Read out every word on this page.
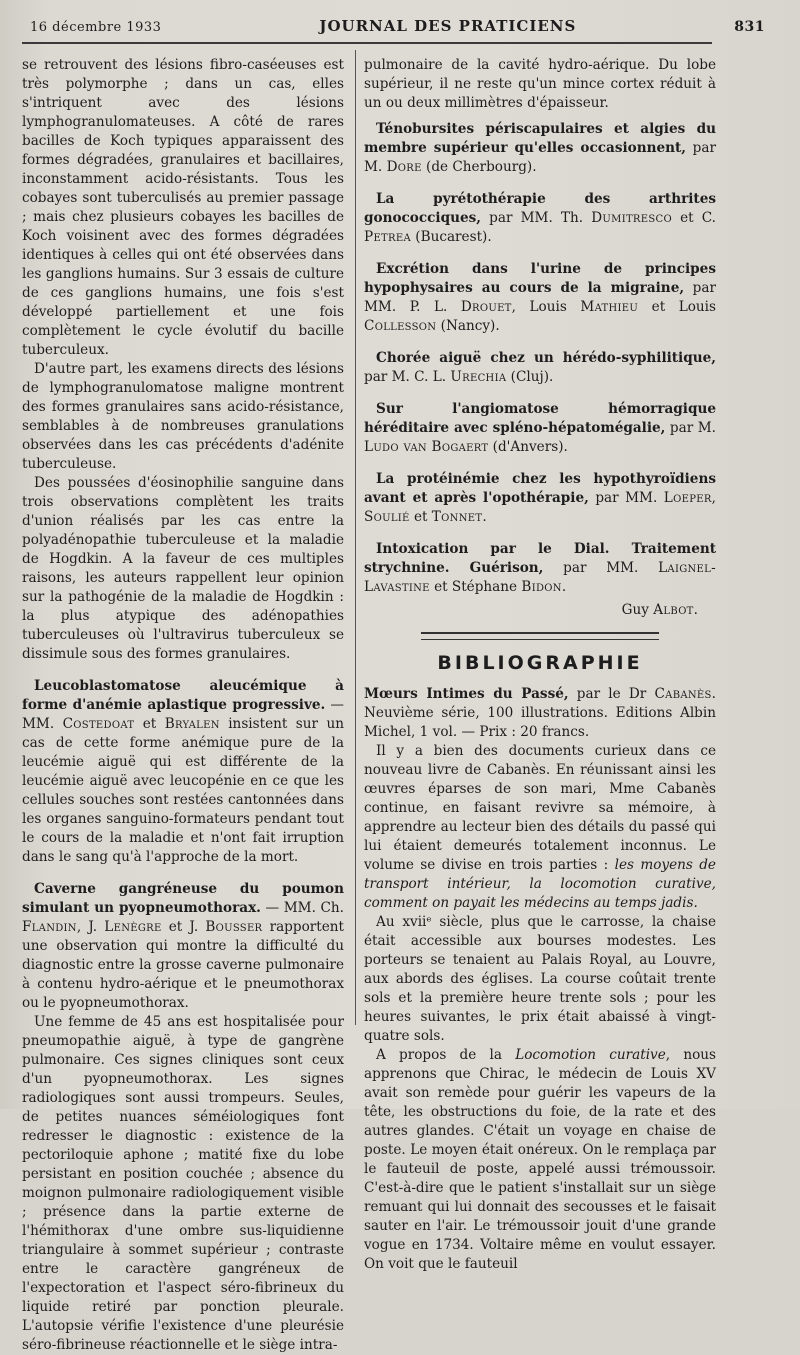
16 décembre 1933	JOURNAL DES PRATICIENS	831

se retrouvent des lésions fibro-caséeuses est très polymorphe ; dans un cas, elles s'intriquent avec des lésions lymphogranulomateuses. A côté de rares bacilles de Koch typiques apparaissent des formes dégradées, granulaires et bacillaires, inconstamment acido-résistants. Tous les cobayes sont tuberculisés au premier passage ; mais chez plusieurs cobayes les bacilles de Koch voisinent avec des formes dégradées identiques à celles qui ont été observées dans les ganglions humains. Sur 3 essais de culture de ces ganglions humains, une fois s'est développé partiellement et une fois complètement le cycle évolutif du bacille tuberculeux.

D'autre part, les examens directs des lésions de lymphogranulomatose maligne montrent des formes granulaires sans acido-résistance, semblables à de nombreuses granulations observées dans les cas précédents d'adénite tuberculeuse.

Des poussées d'éosinophilie sanguine dans trois observations complètent les traits d'union réalisés par les cas entre la polyadénopathie tuberculeuse et la maladie de Hogdkin. A la faveur de ces multiples raisons, les auteurs rappellent leur opinion sur la pathogénie de la maladie de Hogdkin : la plus atypique des adénopathies tuberculeuses où l'ultravirus tuberculeux se dissimule sous des formes granulaires.

Leucoblastomatose aleucémique à forme d'anémie aplastique progressive. — MM. Costedoat et Bryalen insistent sur un cas de cette forme anémique pure de la leucémie aiguë qui est différente de la leucémie aiguë avec leucopénie en ce que les cellules souches sont restées cantonnées dans les organes sanguino-formateurs pendant tout le cours de la maladie et n'ont fait irruption dans le sang qu'à l'approche de la mort.

Caverne gangréneuse du poumon simulant un pyopneumothorax. — MM. Ch. Flandin, J. Lenègre et J. Bousser rapportent une observation qui montre la difficulté du diagnostic entre la grosse caverne pulmonaire à contenu hydro-aérique et le pneumothorax ou le pyopneumothorax.

Une femme de 45 ans est hospitalisée pour pneumopathie aiguë, à type de gangrène pulmonaire. Ces signes cliniques sont ceux d'un pyopneumothorax. Les signes radiologiques sont aussi trompeurs. Seules, de petites nuances séméiologiques font redresser le diagnostic : existence de la pectoriloquie aphone ; matité fixe du lobe persistant en position couchée ; absence du moignon pulmonaire radiologiquement visible ; présence dans la partie externe de l'hémithorax d'une ombre sus-liquidienne triangulaire à sommet supérieur ; contraste entre le caractère gangréneux de l'expectoration et l'aspect séro-fibrineux du liquide retiré par ponction pleurale. L'autopsie vérifie l'existence d'une pleurésie séro-fibrineuse réactionnelle et le siège intra-

pulmonaire de la cavité hydro-aérique. Du lobe supérieur, il ne reste qu'un mince cortex réduit à un ou deux millimètres d'épaisseur.

Ténobursites périscapulaires et algies du membre supérieur qu'elles occasionnent, par M. Dore (de Cherbourg).

La pyrétothérapie des arthrites gonococciques, par MM. Th. Dumitresco et C. Petrea (Bucarest).

Excrétion dans l'urine de principes hypophysaires au cours de la migraine, par MM. P. L. Drouet, Louis Mathieu et Louis Collesson (Nancy).

Chorée aiguë chez un hérédo-syphilitique, par M. C. L. Urechia (Cluj).

Sur l'angiomatose hémorragique héréditaire avec spléno-hépatomégalie, par M. Ludo van Bogaert (d'Anvers).

La protéinémie chez les hypothyroïdiens avant et après l'opothérapie, par MM. Loeper, Soulié et Tonnet.

Intoxication par le Dial. Traitement strychnine. Guérison, par MM. Laignel-Lavastine et Stéphane Bidon.

Guy Albot.

BIBLIOGRAPHIE

Mœurs Intimes du Passé, par le Dr Cabanès. Neuvième série, 100 illustrations. Editions Albin Michel, 1 vol. — Prix : 20 francs.

Il y a bien des documents curieux dans ce nouveau livre de Cabanès. En réunissant ainsi les œuvres éparses de son mari, Mme Cabanès continue, en faisant revivre sa mémoire, à apprendre au lecteur bien des détails du passé qui lui étaient demeurés totalement inconnus. Le volume se divise en trois parties : les moyens de transport intérieur, la locomotion curative, comment on payait les médecins au temps jadis.

Au xviiᵉ siècle, plus que le carrosse, la chaise était accessible aux bourses modestes. Les porteurs se tenaient au Palais Royal, au Louvre, aux abords des églises. La course coûtait trente sols et la première heure trente sols ; pour les heures suivantes, le prix était abaissé à vingt-quatre sols.

A propos de la Locomotion curative, nous apprenons que Chirac, le médecin de Louis XV avait son remède pour guérir les vapeurs de la tête, les obstructions du foie, de la rate et des autres glandes. C'était un voyage en chaise de poste. Le moyen était onéreux. On le remplaça par le fauteuil de poste, appelé aussi trémoussoir. C'est-à-dire que le patient s'installait sur un siège remuant qui lui donnait des secousses et le faisait sauter en l'air. Le trémoussoir jouit d'une grande vogue en 1734. Voltaire même en voulut essayer. On voit que le fauteuil
